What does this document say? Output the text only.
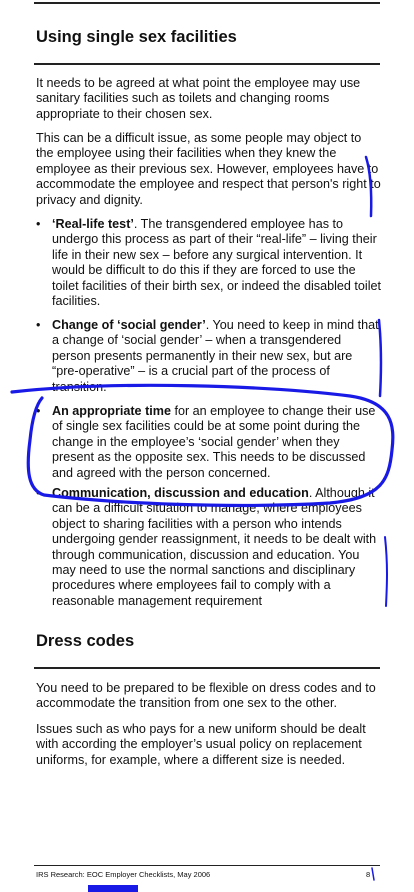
Using single sex facilities

It needs to be agreed at what point the employee may use sanitary facilities such as toilets and changing rooms appropriate to their chosen sex.

This can be a difficult issue, as some people may object to the employee using their facilities when they knew the employee as their previous sex. However, employees have to accommodate the employee and respect that person's right to privacy and dignity.

• ‘Real-life test’. The transgendered employee has to undergo this process as part of their “real-life” – living their life in their new sex – before any surgical intervention. It would be difficult to do this if they are forced to use the toilet facilities of their birth sex, or indeed the disabled toilet facilities.

• Change of ‘social gender’. You need to keep in mind that a change of ‘social gender’ – when a transgendered person presents permanently in their new sex, but are “pre-operative” – is a crucial part of the process of transition.

• An appropriate time for an employee to change their use of single sex facilities could be at some point during the change in the employee’s ‘social gender’ when they present as the opposite sex. This needs to be discussed and agreed with the person concerned.

• Communication, discussion and education. Although it can be a difficult situation to manage, where employees object to sharing facilities with a person who intends undergoing gender reassignment, it needs to be dealt with through communication, discussion and education. You may need to use the normal sanctions and disciplinary procedures where employees fail to comply with a reasonable management requirement

Dress codes

You need to be prepared to be flexible on dress codes and to accommodate the transition from one sex to the other.

Issues such as who pays for a new uniform should be dealt with according the employer’s usual policy on replacement uniforms, for example, where a different size is needed.

IRS Research: EOC Employer Checklists, May 2006	8
